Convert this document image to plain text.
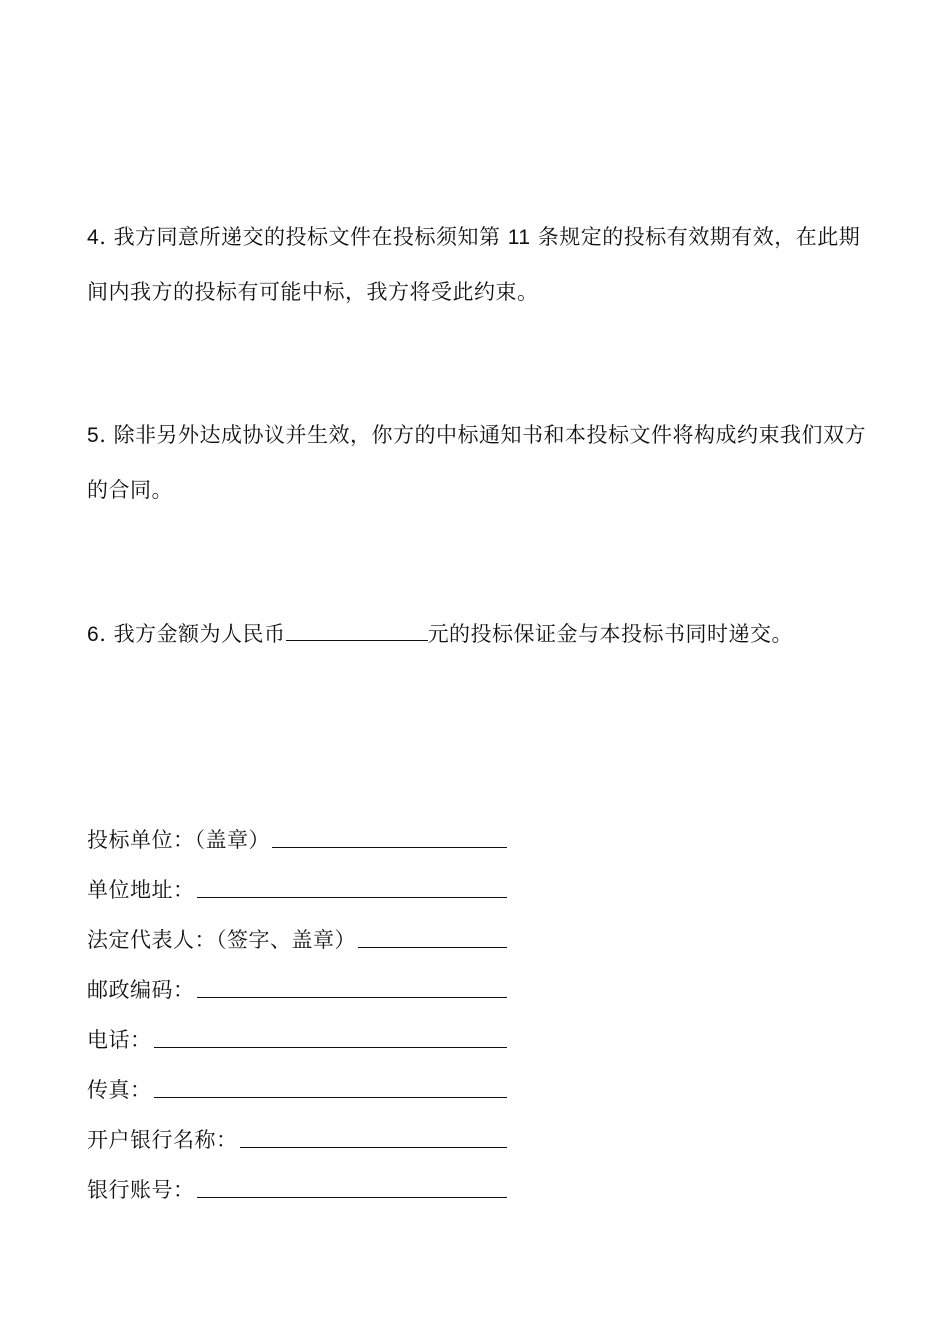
4. 我方同意所递交的投标文件在投标须知第 11 条规定的投标有效期有效，在此期间内我方的投标有可能中标，我方将受此约束。
5. 除非另外达成协议并生效，你方的中标通知书和本投标文件将构成约束我们双方的合同。
6. 我方金额为人民币	元的投标保证金与本投标书同时递交。
投标单位：（盖章）
单位地址：
法定代表人：（签字、盖章）
邮政编码：
电话：
传真：
开户银行名称：
银行账号：
